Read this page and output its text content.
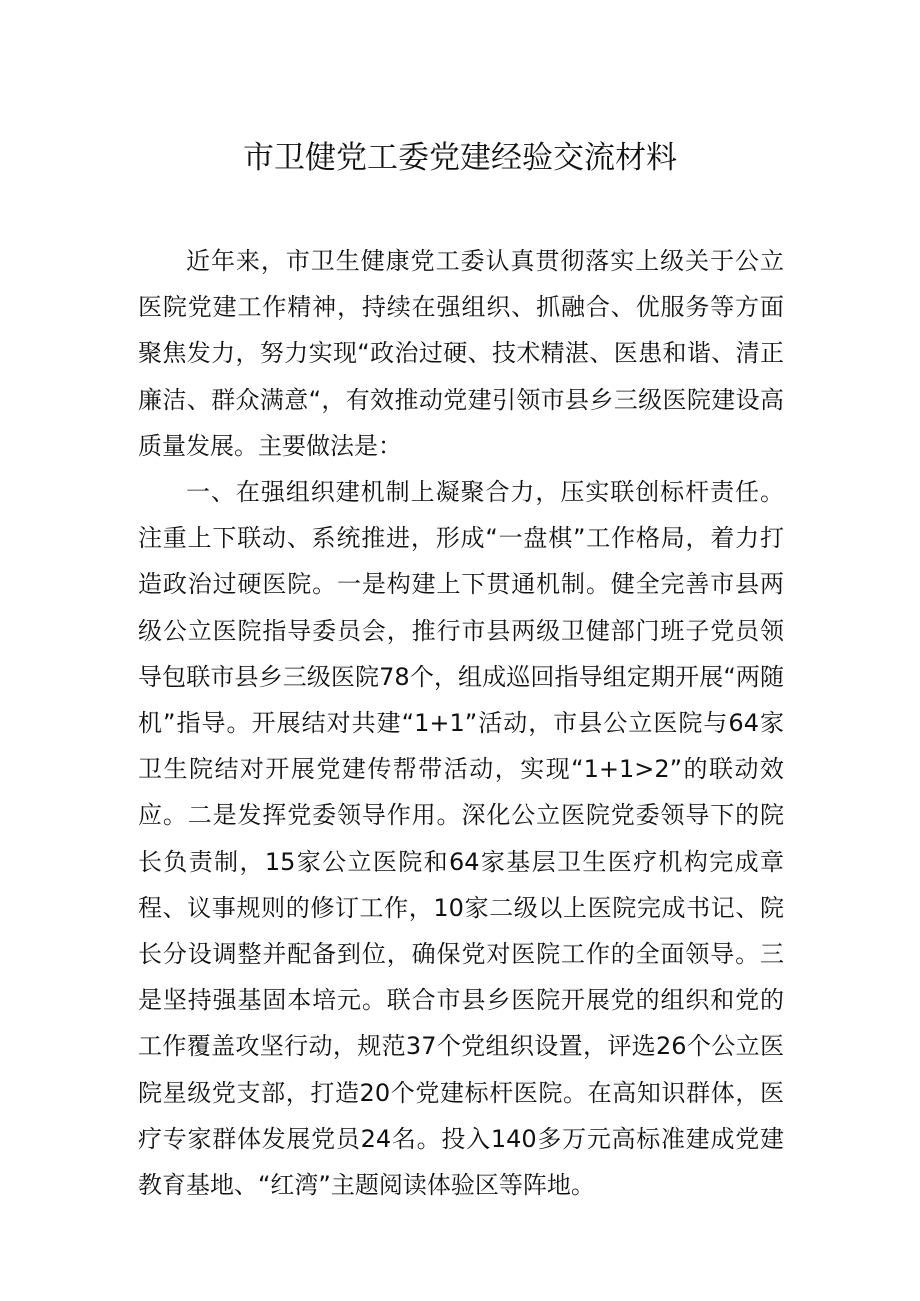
市卫健党工委党建经验交流材料

近年来，市卫生健康党工委认真贯彻落实上级关于公立医院党建工作精神，持续在强组织、抓融合、优服务等方面聚焦发力，努力实现“政治过硬、技术精湛、医患和谐、清正廉洁、群众满意“，有效推动党建引领市县乡三级医院建设高质量发展。主要做法是：

一、在强组织建机制上凝聚合力，压实联创标杆责任。注重上下联动、系统推进，形成“一盘棋”工作格局，着力打造政治过硬医院。一是构建上下贯通机制。健全完善市县两级公立医院指导委员会，推行市县两级卫健部门班子党员领导包联市县乡三级医院78个，组成巡回指导组定期开展“两随机”指导。开展结对共建“1+1”活动，市县公立医院与64家卫生院结对开展党建传帮带活动，实现“1+1>2”的联动效应。二是发挥党委领导作用。深化公立医院党委领导下的院长负责制，15家公立医院和64家基层卫生医疗机构完成章程、议事规则的修订工作，10家二级以上医院完成书记、院长分设调整并配备到位，确保党对医院工作的全面领导。三是坚持强基固本培元。联合市县乡医院开展党的组织和党的工作覆盖攻坚行动，规范37个党组织设置，评选26个公立医院星级党支部，打造20个党建标杆医院。在高知识群体，医疗专家群体发展党员24名。投入140多万元高标准建成党建教育基地、“红湾”主题阅读体验区等阵地。
